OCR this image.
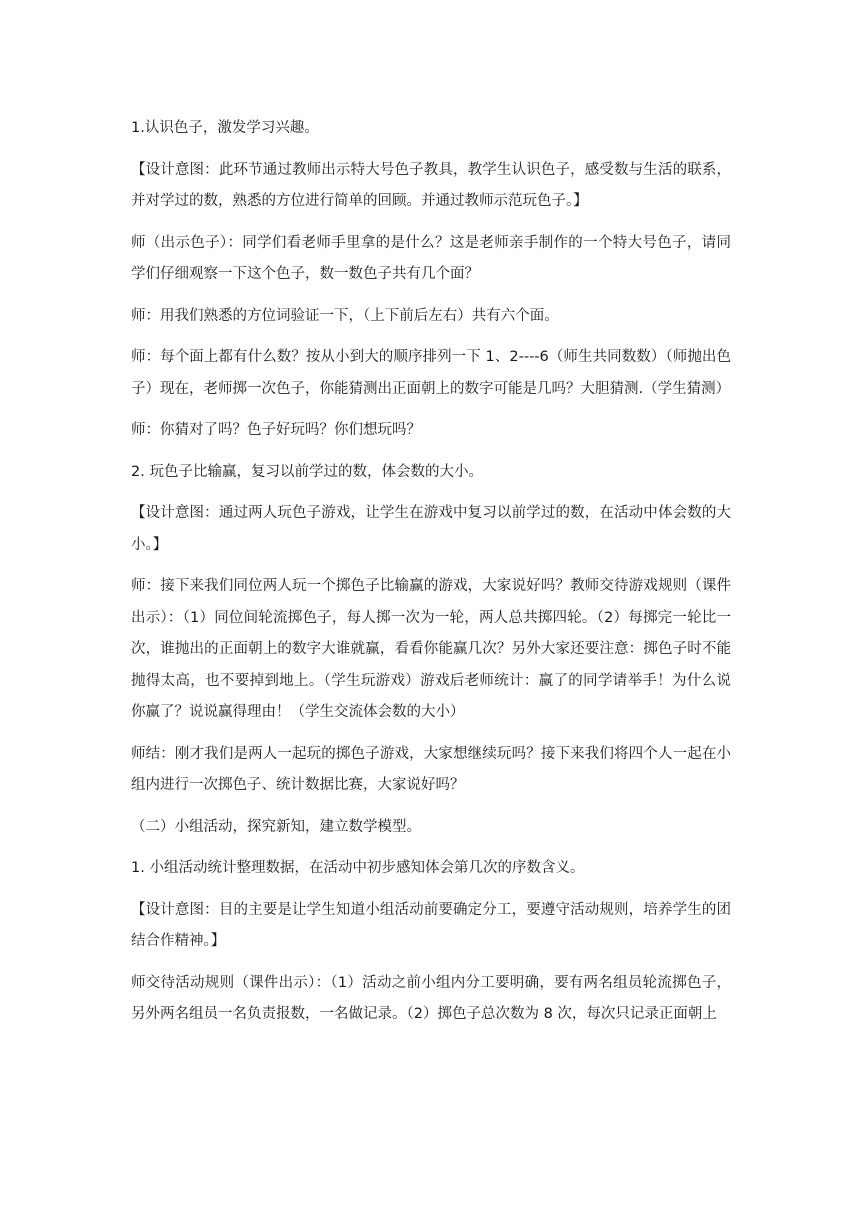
1.认识色子，激发学习兴趣。

【设计意图：此环节通过教师出示特大号色子教具，教学生认识色子，感受数与生活的联系，并对学过的数，熟悉的方位进行简单的回顾。并通过教师示范玩色子。】

师（出示色子）：同学们看老师手里拿的是什么？这是老师亲手制作的一个特大号色子，请同学们仔细观察一下这个色子，数一数色子共有几个面？

师：用我们熟悉的方位词验证一下，（上下前后左右）共有六个面。

师：每个面上都有什么数？按从小到大的顺序排列一下 1、2----6（师生共同数数）（师抛出色子）现在，老师掷一次色子，你能猜测出正面朝上的数字可能是几吗？大胆猜测.（学生猜测）

师：你猜对了吗？色子好玩吗？你们想玩吗？

2. 玩色子比输赢，复习以前学过的数，体会数的大小。

【设计意图：通过两人玩色子游戏，让学生在游戏中复习以前学过的数，在活动中体会数的大小。】

师：接下来我们同位两人玩一个掷色子比输赢的游戏，大家说好吗？教师交待游戏规则（课件出示）：（1）同位间轮流掷色子，每人掷一次为一轮，两人总共掷四轮。（2）每掷完一轮比一次，谁抛出的正面朝上的数字大谁就赢，看看你能赢几次？另外大家还要注意：掷色子时不能抛得太高，也不要掉到地上。（学生玩游戏）游戏后老师统计：赢了的同学请举手！为什么说你赢了？说说赢得理由！（学生交流体会数的大小）

师结：刚才我们是两人一起玩的掷色子游戏，大家想继续玩吗？接下来我们将四个人一起在小组内进行一次掷色子、统计数据比赛，大家说好吗？

（二）小组活动，探究新知，建立数学模型。

1. 小组活动统计整理数据，在活动中初步感知体会第几次的序数含义。

【设计意图：目的主要是让学生知道小组活动前要确定分工，要遵守活动规则，培养学生的团结合作精神。】

师交待活动规则（课件出示）：（1）活动之前小组内分工要明确，要有两名组员轮流掷色子，另外两名组员一名负责报数，一名做记录。（2）掷色子总次数为 8 次，每次只记录正面朝上
